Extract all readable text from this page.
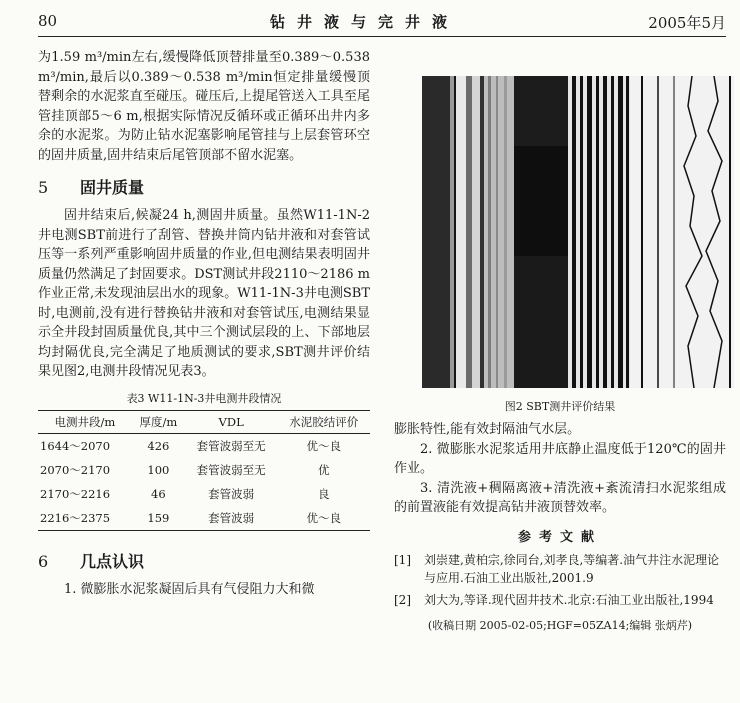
80	钻井液与完井液	2005年5月

为1.59 m³/min左右,缓慢降低顶替排量至0.389～0.538 m³/min,最后以0.389～0.538 m³/min恒定排量缓慢顶替剩余的水泥浆直至碰压。碰压后,上提尾管送入工具至尾管挂顶部5～6 m,根据实际情况反循环或正循环出井内多余的水泥浆。为防止钻水泥塞影响尾管挂与上层套管环空的固井质量,固井结束后尾管顶部不留水泥塞。

5 固井质量

固井结束后,候凝24 h,测固井质量。虽然W11-1N-2井电测SBT前进行了刮管、替换井筒内钻井液和对套管试压等一系列严重影响固井质量的作业,但电测结果表明固井质量仍然满足了封固要求。DST测试井段2110～2186 m作业正常,未发现油层出水的现象。W11-1N-3井电测SBT时,电测前,没有进行替换钻井液和对套管试压,电测结果显示全井段封固质量优良,其中三个测试层段的上、下部地层均封隔优良,完全满足了地质测试的要求,SBT测井评价结果见图2,电测井段情况见表3。

表3 W11-1N-3井电测井段情况
电测井段/m	厚度/m	VDL	水泥胶结评价
1644～2070	426	套管波弱至无	优～良
2070～2170	100	套管波弱至无	优
2170～2216	46	套管波弱	良
2216～2375	159	套管波弱	优～良
6 几点认识

1. 微膨胀水泥浆凝固后具有气侵阻力大和微

图2 SBT测井评价结果

膨胀特性,能有效封隔油气水层。

2. 微膨胀水泥浆适用井底静止温度低于120℃的固井作业。

3. 清洗液+稠隔离液+清洗液+紊流清扫水泥浆组成的前置液能有效提高钻井液顶替效率。

参考文献
[1]	刘崇建,黄柏宗,徐同台,刘孝良,等编著.油气井注水泥理论与应用.石油工业出版社,2001.9
[2]	刘大为,等译.现代固井技术.北京:石油工业出版社,1994
(收稿日期 2005-02-05;HGF=05ZA14;编辑 张炳芹)
